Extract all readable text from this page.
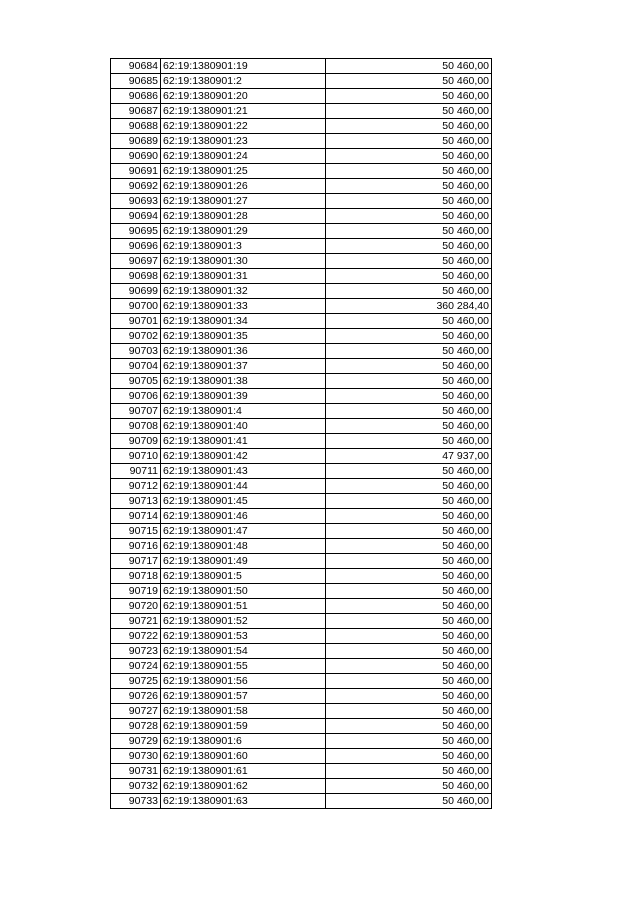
90684	62:19:1380901:19	50 460,00
90685	62:19:1380901:2	50 460,00
90686	62:19:1380901:20	50 460,00
90687	62:19:1380901:21	50 460,00
90688	62:19:1380901:22	50 460,00
90689	62:19:1380901:23	50 460,00
90690	62:19:1380901:24	50 460,00
90691	62:19:1380901:25	50 460,00
90692	62:19:1380901:26	50 460,00
90693	62:19:1380901:27	50 460,00
90694	62:19:1380901:28	50 460,00
90695	62:19:1380901:29	50 460,00
90696	62:19:1380901:3	50 460,00
90697	62:19:1380901:30	50 460,00
90698	62:19:1380901:31	50 460,00
90699	62:19:1380901:32	50 460,00
90700	62:19:1380901:33	360 284,40
90701	62:19:1380901:34	50 460,00
90702	62:19:1380901:35	50 460,00
90703	62:19:1380901:36	50 460,00
90704	62:19:1380901:37	50 460,00
90705	62:19:1380901:38	50 460,00
90706	62:19:1380901:39	50 460,00
90707	62:19:1380901:4	50 460,00
90708	62:19:1380901:40	50 460,00
90709	62:19:1380901:41	50 460,00
90710	62:19:1380901:42	47 937,00
90711	62:19:1380901:43	50 460,00
90712	62:19:1380901:44	50 460,00
90713	62:19:1380901:45	50 460,00
90714	62:19:1380901:46	50 460,00
90715	62:19:1380901:47	50 460,00
90716	62:19:1380901:48	50 460,00
90717	62:19:1380901:49	50 460,00
90718	62:19:1380901:5	50 460,00
90719	62:19:1380901:50	50 460,00
90720	62:19:1380901:51	50 460,00
90721	62:19:1380901:52	50 460,00
90722	62:19:1380901:53	50 460,00
90723	62:19:1380901:54	50 460,00
90724	62:19:1380901:55	50 460,00
90725	62:19:1380901:56	50 460,00
90726	62:19:1380901:57	50 460,00
90727	62:19:1380901:58	50 460,00
90728	62:19:1380901:59	50 460,00
90729	62:19:1380901:6	50 460,00
90730	62:19:1380901:60	50 460,00
90731	62:19:1380901:61	50 460,00
90732	62:19:1380901:62	50 460,00
90733	62:19:1380901:63	50 460,00
